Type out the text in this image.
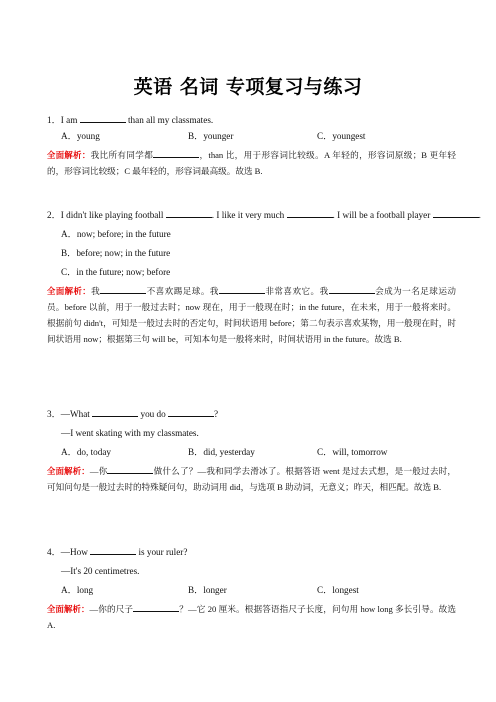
英语 名词 专项复习与练习
1．I am	than all my classmates.
A．young	B．younger	C．youngest
全面解析：我比所有同学都	，than 比，用于形容词比较级。A 年轻的，形容词原级；B 更年轻的，形容词比较级；C 最年轻的，形容词最高级。故选 B.
2．I didn't like playing football	. I like it very much	. I will be a football player	.
A．now; before; in the future
B．before; now; in the future
C．in the future; now; before
全面解析：我	不喜欢踢足球。我	非常喜欢它。我	会成为一名足球运动员。before 以前，用于一般过去时；now 现在，用于一般现在时；in the future，在未来，用于一般将来时。根据前句 didn't，可知是一般过去时的否定句，时间状语用 before；第二句表示喜欢某物，用一般现在时，时间状语用 now；根据第三句 will be，可知本句是一般将来时，时间状语用 in the future。故选 B.
3．—What	you do	?
—I went skating with my classmates.
A．do, today	B．did, yesterday	C．will, tomorrow
全面解析：—你	做什么了？—我和同学去滑冰了。根据答语 went 是过去式想，是一般过去时，可知问句是一般过去时的特殊疑问句，助动词用 did，与选项 B 助动词，无意义；昨天，相匹配。故选 B.
4．—How	is your ruler?
—It's 20 centimetres.
A．long	B．longer	C．longest
全面解析：—你的尺子	？—它 20 厘米。根据答语指尺子长度，问句用 how long 多长引导。故选 A.
